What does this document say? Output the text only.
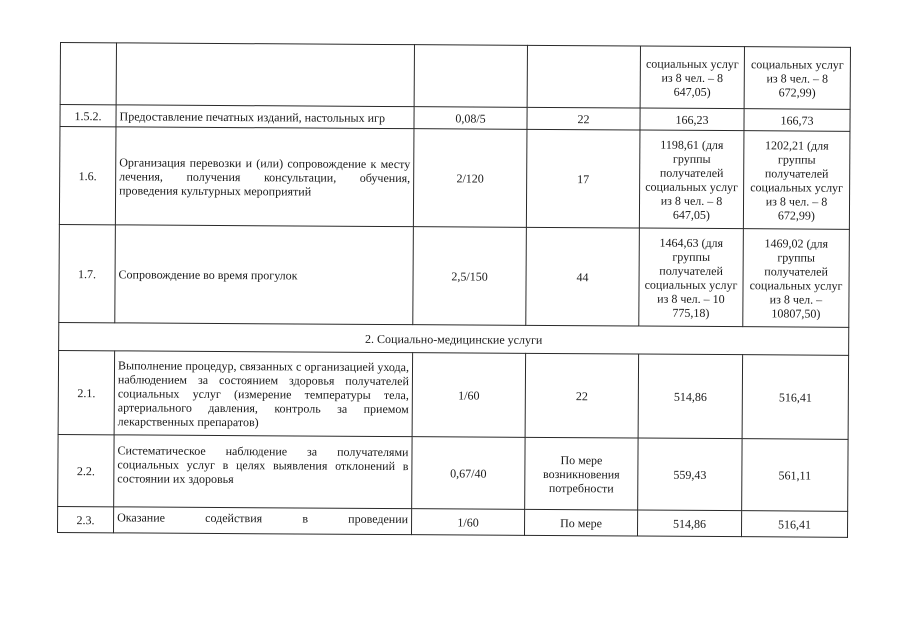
				социальных услуг из 8 чел. – 8 647,05)	социальных услуг из 8 чел. – 8 672,99)
1.5.2.	Предоставление печатных изданий, настольных игр	0,08/5	22	166,23	166,73
1.6.	Организация перевозки и (или) сопровождение к месту лечения, получения консультации, обучения, проведения культурных мероприятий	2/120	17	1198,61 (для группы получателей социальных услуг из 8 чел. – 8 647,05)	1202,21 (для группы получателей социальных услуг из 8 чел. – 8 672,99)
1.7.	Сопровождение во время прогулок	2,5/150	44	1464,63 (для группы получателей социальных услуг из 8 чел. – 10 775,18)	1469,02 (для группы получателей социальных услуг из 8 чел. – 10807,50)
2. Социально-медицинские услуги					
2.1.	Выполнение процедур, связанных с организацией ухода, наблюдением за состоянием здоровья получателей социальных услуг (измерение температуры тела, артериального давления, контроль за приемом лекарственных препаратов)	1/60	22	514,86	516,41
2.2.	Систематическое наблюдение за получателями социальных услуг в целях выявления отклонений в состоянии их здоровья	0,67/40	По мере возникновения потребности	559,43	561,11
2.3.	Оказание содействия в проведении	1/60	По мере	514,86	516,41
